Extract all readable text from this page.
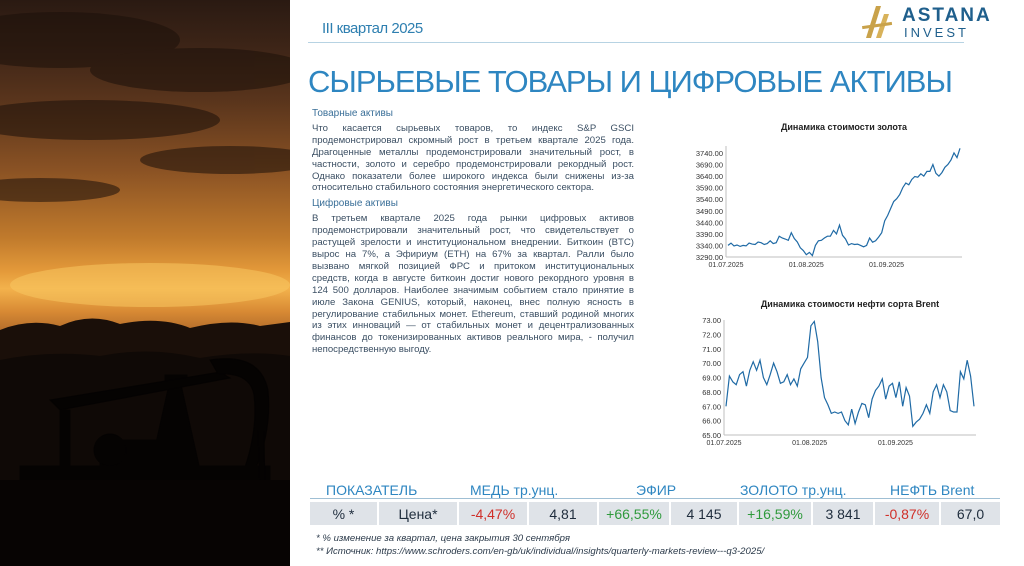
III квартал 2025
ASTANA
INVEST
СЫРЬЕВЫЕ ТОВАРЫ И ЦИФРОВЫЕ АКТИВЫ
Товарные активы
Что касается сырьевых товаров, то индекс S&P GSCI продемонстрировал скромный рост в третьем квартале 2025 года. Драгоценные металлы продемонстрировали значительный рост, в частности, золото и серебро продемонстрировали рекордный рост. Однако показатели более широкого индекса были снижены из-за относительно стабильного состояния энергетического сектора.
Цифровые активы
В третьем квартале 2025 года рынки цифровых активов продемонстрировали значительный рост, что свидетельствует о растущей зрелости и институциональном внедрении. Биткоин (BTC) вырос на 7%, а Эфириум (ETH) на 67% за квартал. Ралли было вызвано мягкой позицией ФРС и притоком институциональных средств, когда в августе биткоин достиг нового рекордного уровня в 124 500 долларов. Наиболее значимым событием стало принятие в июле Закона GENIUS, который, наконец, внес полную ясность в регулирование стабильных монет. Ethereum, ставший родиной многих из этих инноваций — от стабильных монет и децентрализованных финансов до токенизированных активов реального мира, - получил непосредственную выгоду.
Динамика стоимости золота
3290.00
3340.00
3390.00
3440.00
3490.00
3540.00
3590.00
3640.00
3690.00
3740.00
01.07.2025	01.08.2025	01.09.2025
Динамика стоимости нефти сорта Brent
65.00
66.00
67.00
68.00
69.00
70.00
71.00
72.00
73.00
01.07.2025	01.08.2025	01.09.2025
ПОКАЗАТЕЛЬ	МЕДЬ тр.унц.	ЭФИР	ЗОЛОТО тр.унц.	НЕФТЬ Brent
% *	Цена*	-4,47%	4,81	+66,55%	4 145	+16,59%	3 841	-0,87%	67,0
* % изменение за квартал, цена закрытия 30 сентября
** Источник: https://www.schroders.com/en-gb/uk/individual/insights/quarterly-markets-review---q3-2025/
